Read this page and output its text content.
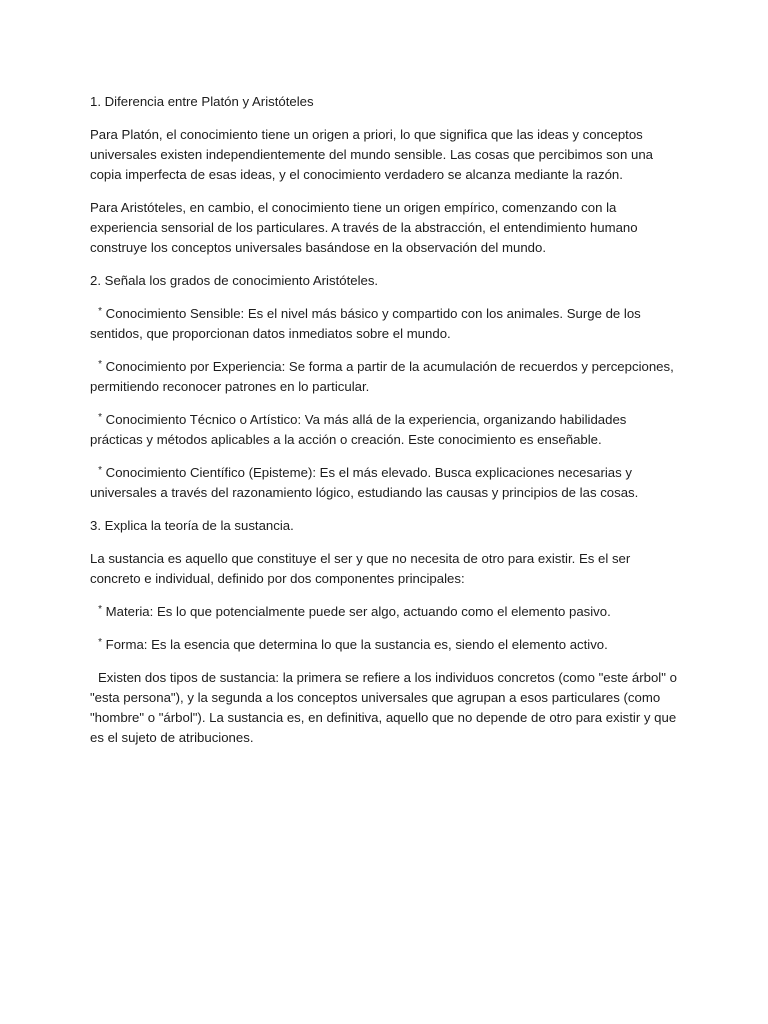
1. Diferencia entre Platón y Aristóteles

Para Platón, el conocimiento tiene un origen a priori, lo que significa que las ideas y conceptos universales existen independientemente del mundo sensible. Las cosas que percibimos son una copia imperfecta de esas ideas, y el conocimiento verdadero se alcanza mediante la razón.

Para Aristóteles, en cambio, el conocimiento tiene un origen empírico, comenzando con la experiencia sensorial de los particulares. A través de la abstracción, el entendimiento humano construye los conceptos universales basándose en la observación del mundo.

2. Señala los grados de conocimiento Aristóteles.

* Conocimiento Sensible: Es el nivel más básico y compartido con los animales. Surge de los sentidos, que proporcionan datos inmediatos sobre el mundo.

* Conocimiento por Experiencia: Se forma a partir de la acumulación de recuerdos y percepciones, permitiendo reconocer patrones en lo particular.

* Conocimiento Técnico o Artístico: Va más allá de la experiencia, organizando habilidades prácticas y métodos aplicables a la acción o creación. Este conocimiento es enseñable.

* Conocimiento Científico (Episteme): Es el más elevado. Busca explicaciones necesarias y universales a través del razonamiento lógico, estudiando las causas y principios de las cosas.

3. Explica la teoría de la sustancia.

La sustancia es aquello que constituye el ser y que no necesita de otro para existir. Es el ser concreto e individual, definido por dos componentes principales:

* Materia: Es lo que potencialmente puede ser algo, actuando como el elemento pasivo.

* Forma: Es la esencia que determina lo que la sustancia es, siendo el elemento activo.

Existen dos tipos de sustancia: la primera se refiere a los individuos concretos (como "este árbol" o "esta persona"), y la segunda a los conceptos universales que agrupan a esos particulares (como "hombre" o "árbol"). La sustancia es, en definitiva, aquello que no depende de otro para existir y que es el sujeto de atribuciones.
